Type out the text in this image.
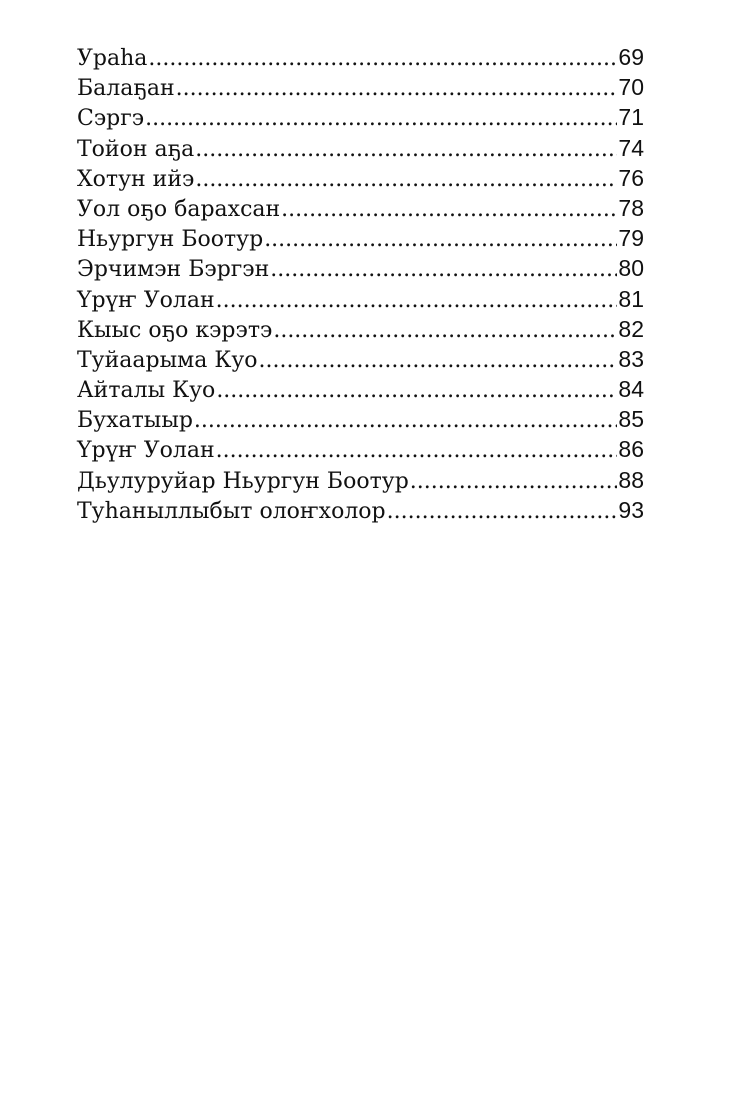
Ураһа .....	69
Балаҕан .....	70
Сэргэ .....	71
Тойон аҕа .....	74
Хотун ийэ .....	76
Уол оҕо барахсан .....	78
Ньургун Боотур .....	79
Эрчимэн Бэргэн .....	80
Үрүҥ Уолан .....	81
Кыыс оҕо кэрэтэ .....	82
Туйаарыма Куо .....	83
Айталы Куо .....	84
Бухатыыр .....	85
Үрүҥ Уолан .....	86
Дьулуруйар Ньургун Боотур .....	88
Туһаныллыбыт олоҥхолор .....	93
